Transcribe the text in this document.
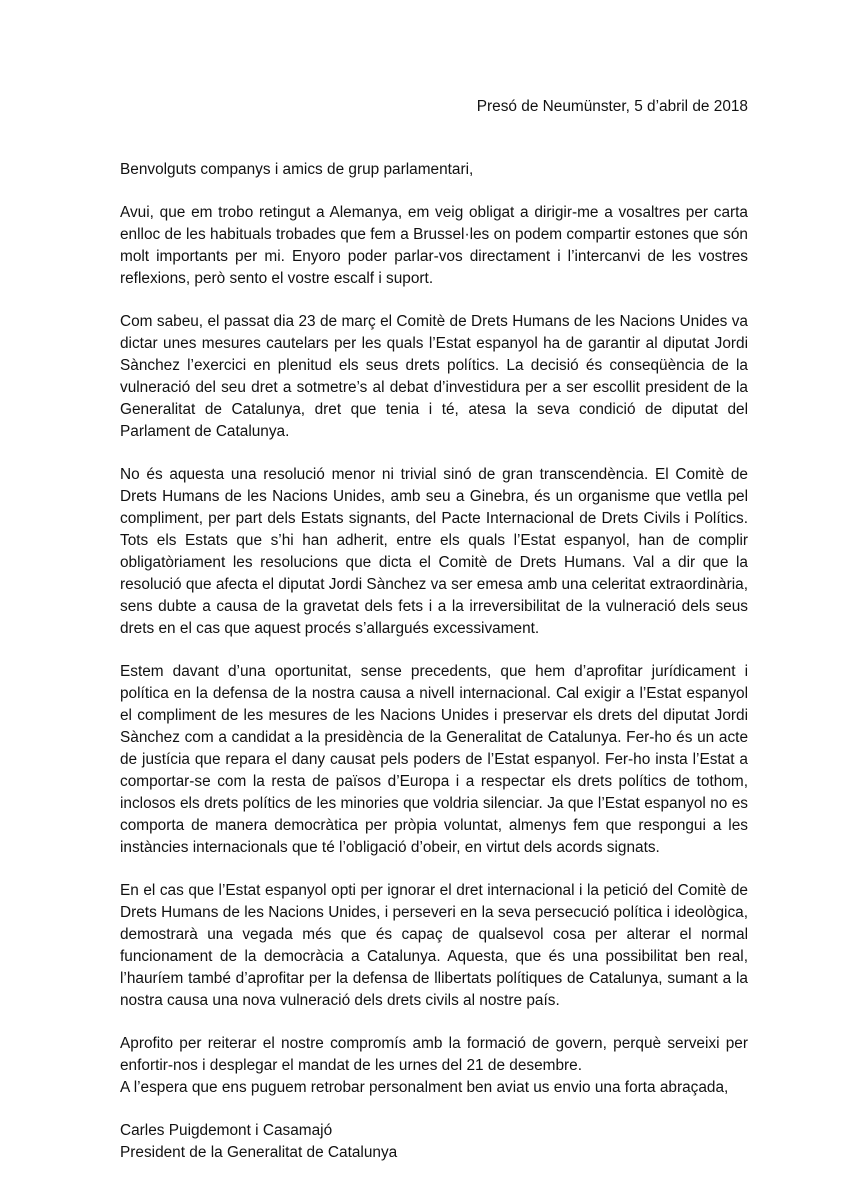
Presó de Neumünster, 5 d’abril de 2018

Benvolguts companys i amics de grup parlamentari,

Avui, que em trobo retingut a Alemanya, em veig obligat a dirigir-me a vosaltres per carta enlloc de les habituals trobades que fem a Brussel·les on podem compartir estones que són molt importants per mi. Enyoro poder parlar-vos directament i l’intercanvi de les vostres reflexions, però sento el vostre escalf i suport.

Com sabeu, el passat dia 23 de març el Comitè de Drets Humans de les Nacions Unides va dictar unes mesures cautelars per les quals l’Estat espanyol ha de garantir al diputat Jordi Sànchez l’exercici en plenitud els seus drets polítics. La decisió és conseqüència de la vulneració del seu dret a sotmetre’s al debat d’investidura per a ser escollit president de la Generalitat de Catalunya, dret que tenia i té, atesa la seva condició de diputat del Parlament de Catalunya.

No és aquesta una resolució menor ni trivial sinó de gran transcendència. El Comitè de Drets Humans de les Nacions Unides, amb seu a Ginebra, és un organisme que vetlla pel compliment, per part dels Estats signants, del Pacte Internacional de Drets Civils i Polítics. Tots els Estats que s’hi han adherit, entre els quals l’Estat espanyol, han de complir obligatòriament les resolucions que dicta el Comitè de Drets Humans. Val a dir que la resolució que afecta el diputat Jordi Sànchez va ser emesa amb una celeritat extraordinària, sens dubte a causa de la gravetat dels fets i a la irreversibilitat de la vulneració dels seus drets en el cas que aquest procés s’allargués excessivament.

Estem davant d’una oportunitat, sense precedents, que hem d’aprofitar jurídicament i política en la defensa de la nostra causa a nivell internacional. Cal exigir a l’Estat espanyol el compliment de les mesures de les Nacions Unides i preservar els drets del diputat Jordi Sànchez com a candidat a la presidència de la Generalitat de Catalunya. Fer-ho és un acte de justícia que repara el dany causat pels poders de l’Estat espanyol. Fer-ho insta l’Estat a comportar-se com la resta de països d’Europa i a respectar els drets polítics de tothom, inclosos els drets polítics de les minories que voldria silenciar. Ja que l’Estat espanyol no es comporta de manera democràtica per pròpia voluntat, almenys fem que respongui a les instàncies internacionals que té l’obligació d’obeir, en virtut dels acords signats.

En el cas que l’Estat espanyol opti per ignorar el dret internacional i la petició del Comitè de Drets Humans de les Nacions Unides, i perseveri en la seva persecució política i ideològica, demostrarà una vegada més que és capaç de qualsevol cosa per alterar el normal funcionament de la democràcia a Catalunya. Aquesta, que és una possibilitat ben real, l’hauríem també d’aprofitar per la defensa de llibertats polítiques de Catalunya, sumant a la nostra causa una nova vulneració dels drets civils al nostre país.

Aprofito per reiterar el nostre compromís amb la formació de govern, perquè serveixi per enfortir-nos i desplegar el mandat de les urnes del 21 de desembre.

A l’espera que ens puguem retrobar personalment ben aviat us envio una forta abraçada,

Carles Puigdemont i Casamajó

President de la Generalitat de Catalunya
